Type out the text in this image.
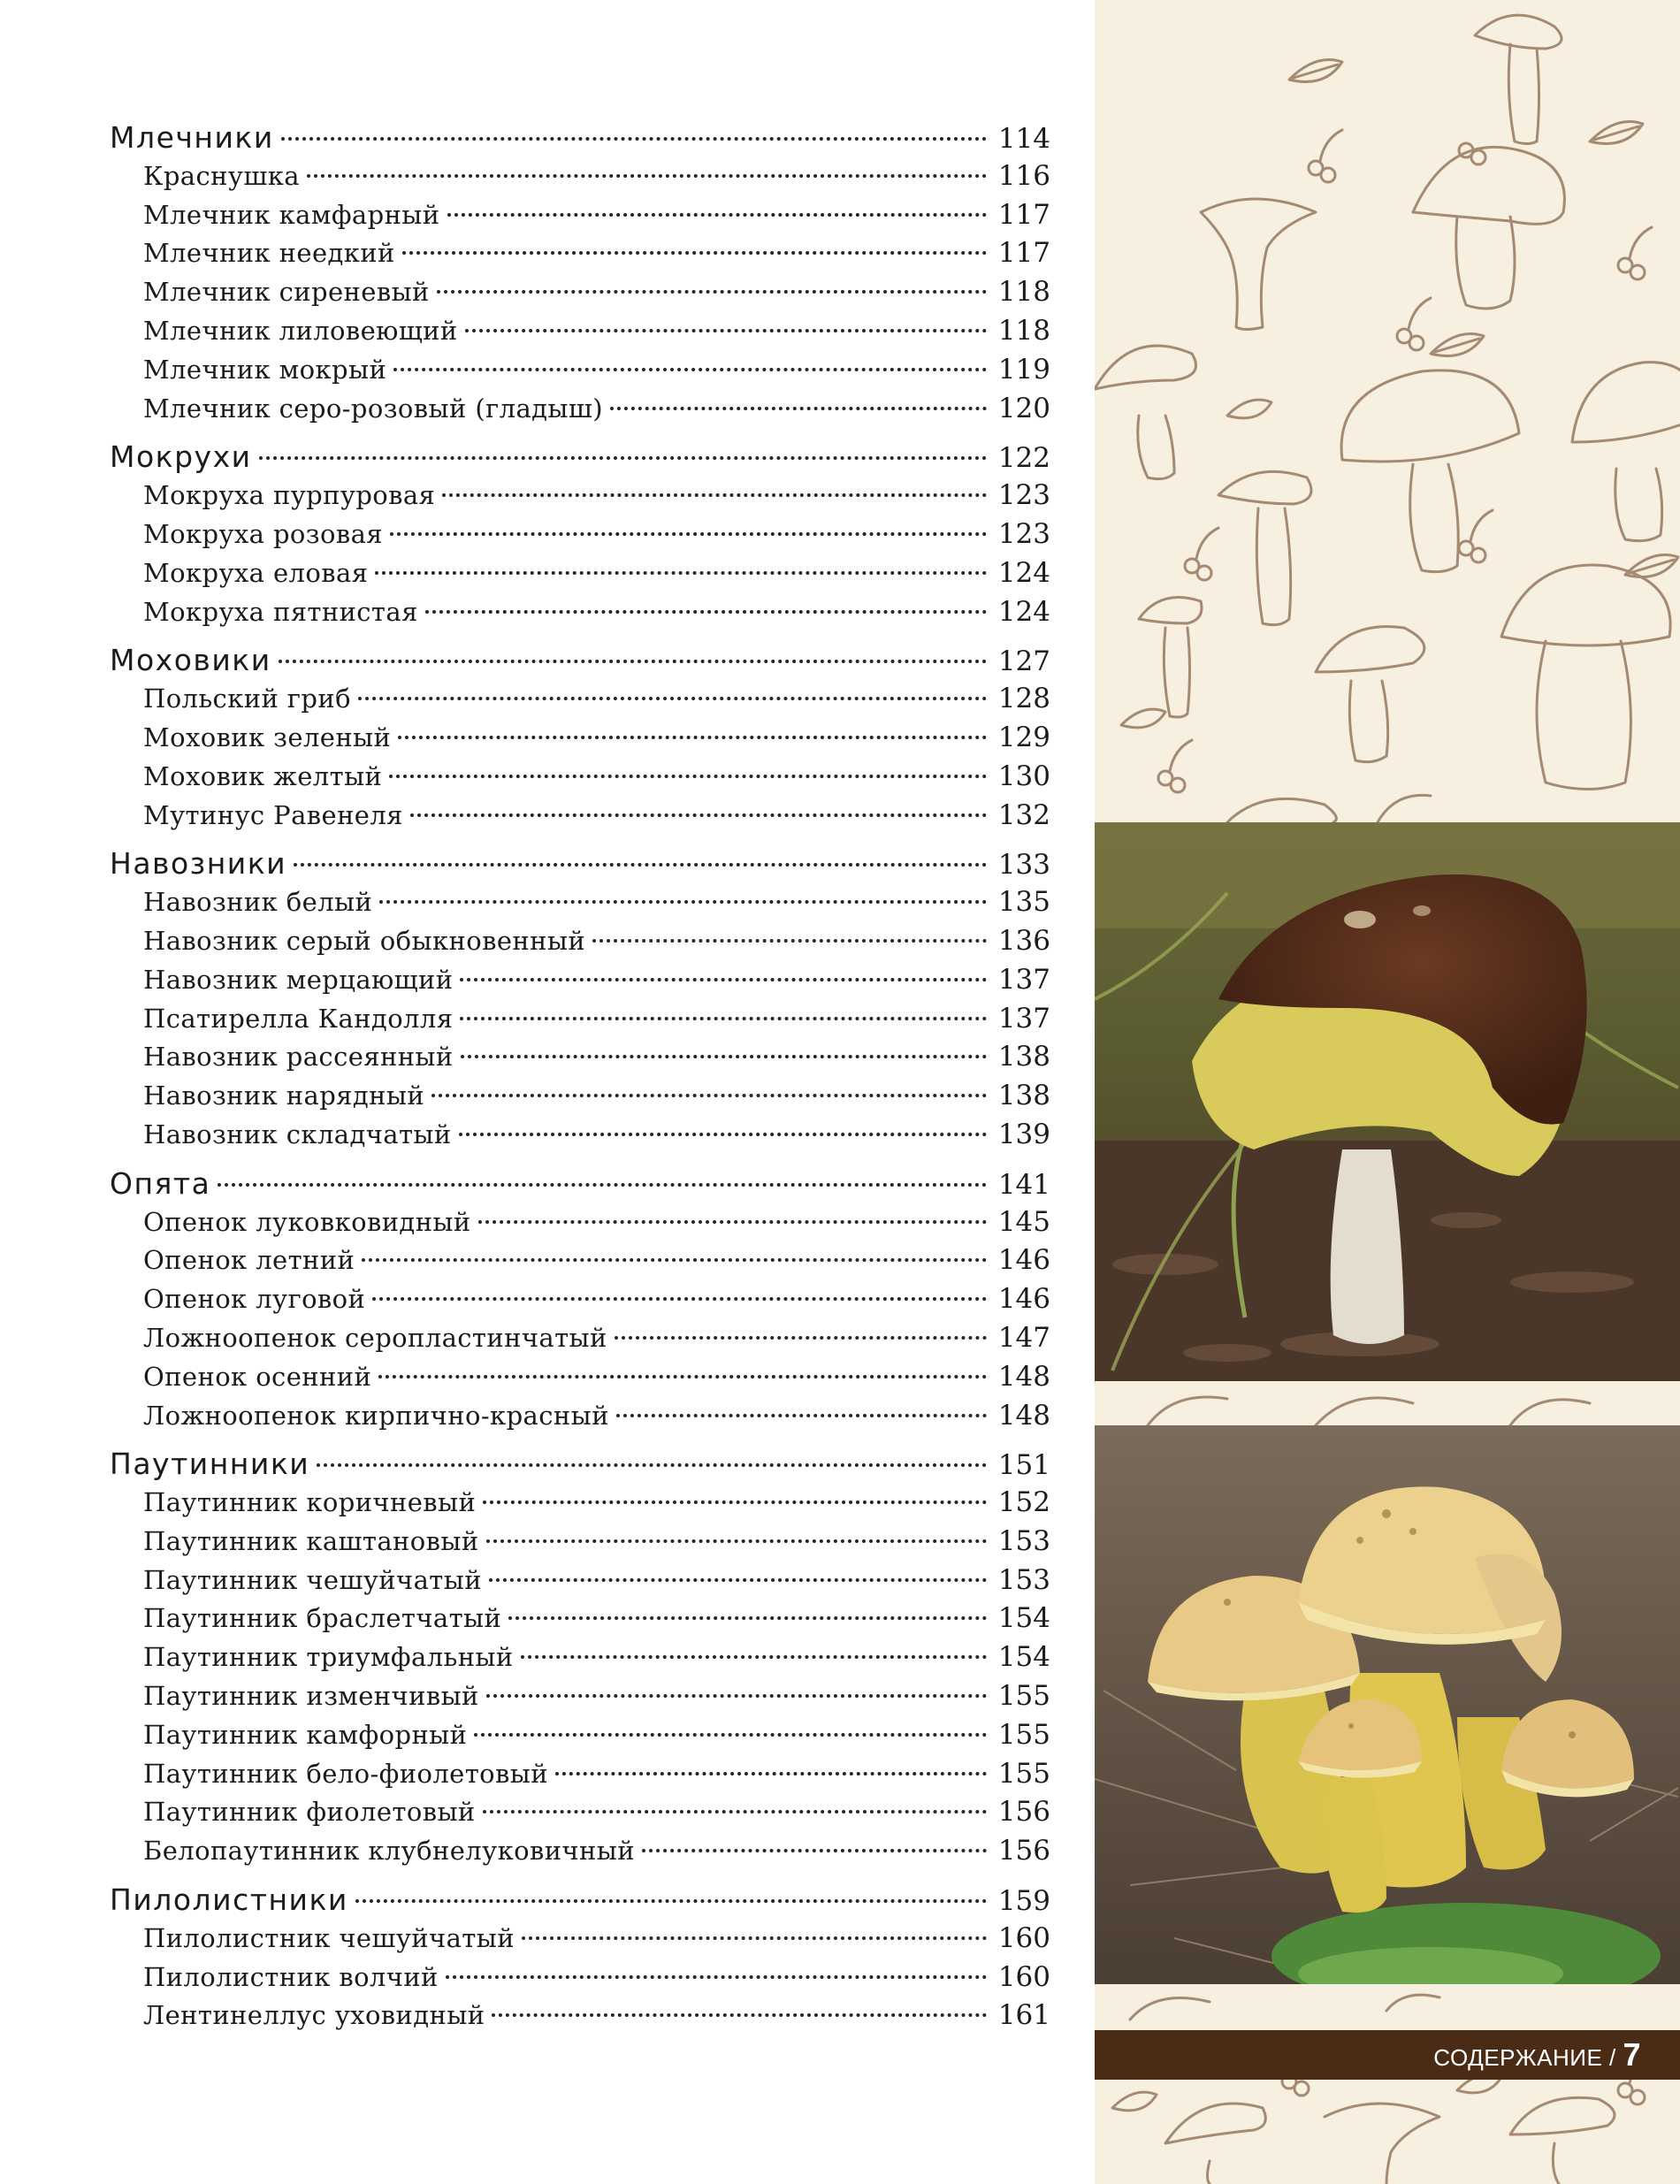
Млечники	114
Краснушка	116
Млечник камфарный	117
Млечник неедкий	117
Млечник сиреневый	118
Млечник лиловеющий	118
Млечник мокрый	119
Млечник серо-розовый (гладыш)	120
Мокрухи	122
Мокруха пурпуровая	123
Мокруха розовая	123
Мокруха еловая	124
Мокруха пятнистая	124
Моховики	127
Польский гриб	128
Моховик зеленый	129
Моховик желтый	130
Мутинус Равенеля	132
Навозники	133
Навозник белый	135
Навозник серый обыкновенный	136
Навозник мерцающий	137
Псатирелла Кандолля	137
Навозник рассеянный	138
Навозник нарядный	138
Навозник складчатый	139
Опята	141
Опенок луковковидный	145
Опенок летний	146
Опенок луговой	146
Ложноопенок серопластинчатый	147
Опенок осенний	148
Ложноопенок кирпично-красный	148
Паутинники	151
Паутинник коричневый	152
Паутинник каштановый	153
Паутинник чешуйчатый	153
Паутинник браслетчатый	154
Паутинник триумфальный	154
Паутинник изменчивый	155
Паутинник камфорный	155
Паутинник бело-фиолетовый	155
Паутинник фиолетовый	156
Белопаутинник клубнелуковичный	156
Пилолистники	159
Пилолистник чешуйчатый	160
Пилолистник волчий	160
Лентинеллус уховидный	161
СОДЕРЖАНИЕ / 7
